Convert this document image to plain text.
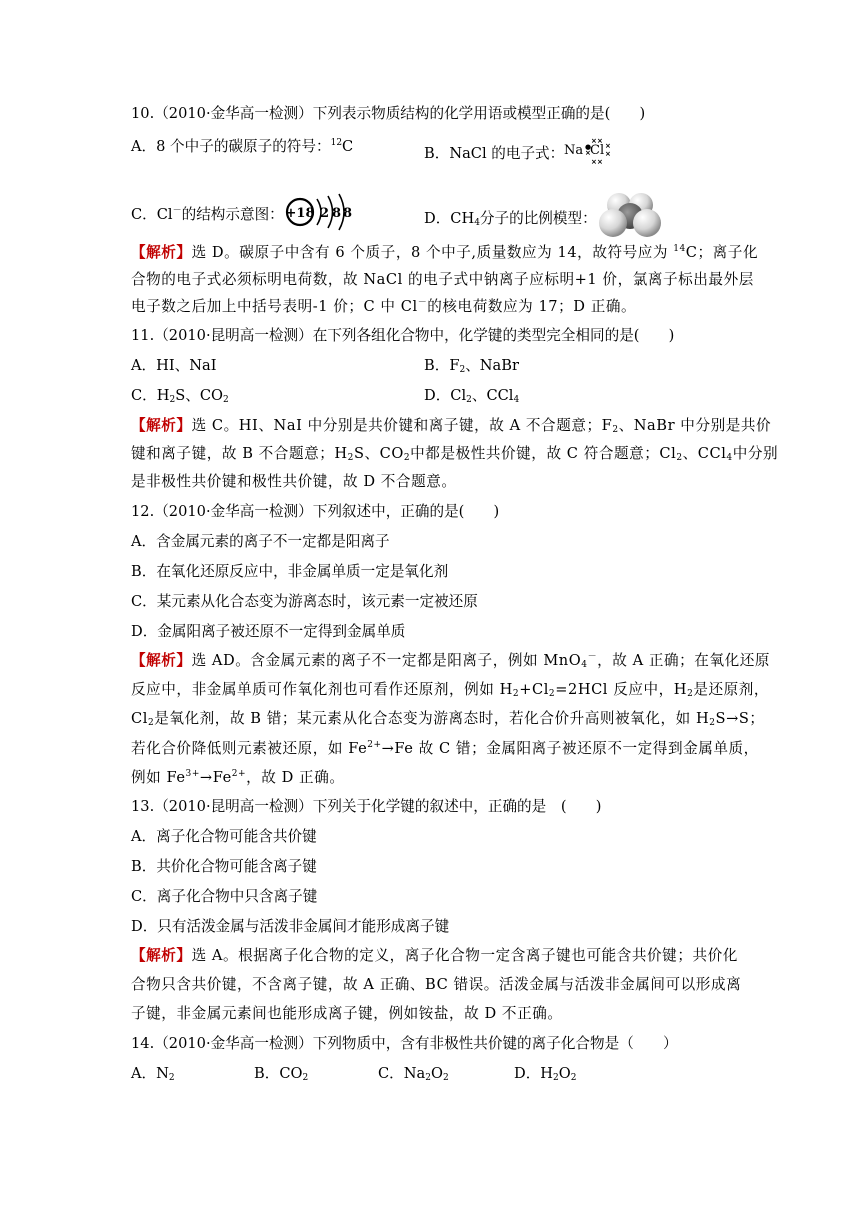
10.（2010·金华高一检测）下列表示物质结构的化学用语或模型正确的是(　　)
A．8 个中子的碳原子的符号：$^{12}$C	B．NaCl 的电子式： Na Cl
× ×
× ×
×
×
●
×
C．Cl－的结构示意图： +18 2 8 8	D．$CH_4$分子的比例模型：
【解析】选 D。碳原子中含有 6 个质子，8 个中子,质量数应为 14，故符号应为 $^{14}$C；离子化
合物的电子式必须标明电荷数，故 NaCl 的电子式中钠离子应标明+1 价，氯离子标出最外层
电子数之后加上中括号表明-1 价；C 中 Cl－的核电荷数应为 17；D 正确。
11.（2010·昆明高一检测）在下列各组化合物中，化学键的类型完全相同的是(　　)
A．HI、NaI	B．$F_2$、NaBr
C．$H_2S$、$CO_2$	D．$Cl_2$、CCl$_4$
【解析】选 C。HI、NaI 中分别是共价键和离子键，故 A 不合题意；$F_2$、NaBr 中分别是共价
键和离子键，故 B 不合题意；$H_2S$、$CO_2$中都是极性共价键，故 C 符合题意；$Cl_2$、CCl$_4$中分别
是非极性共价键和极性共价键，故 D 不合题意。
12.（2010·金华高一检测）下列叙述中，正确的是(　　)
A．含金属元素的离子不一定都是阳离子
B．在氧化还原反应中，非金属单质一定是氧化剂
C．某元素从化合态变为游离态时，该元素一定被还原
D．金属阳离子被还原不一定得到金属单质
【解析】选 AD。含金属元素的离子不一定都是阳离子，例如 MnO$_4$－，故 A 正确；在氧化还原
反应中，非金属单质可作氧化剂也可看作还原剂，例如 $H_2+Cl_2=2HCl$ 反应中，$H_2$是还原剂，
$Cl_2$是氧化剂，故 B 错；某元素从化合态变为游离态时，若化合价升高则被氧化，如 $H_2S\to S$；
若化合价降低则元素被还原，如 $Fe^{2+}\to Fe$ 故 C 错；金属阳离子被还原不一定得到金属单质，
例如 $Fe^{3+}\to Fe^{2+}$，故 D 正确。
13.（2010·昆明高一检测）下列关于化学键的叙述中，正确的是　(　　)
A．离子化合物可能含共价键
B．共价化合物可能含离子键
C．离子化合物中只含离子键
D．只有活泼金属与活泼非金属间才能形成离子键
【解析】选 A。根据离子化合物的定义，离子化合物一定含离子键也可能含共价键；共价化
合物只含共价键，不含离子键，故 A 正确、BC 错误。活泼金属与活泼非金属间可以形成离
子键，非金属元素间也能形成离子键，例如铵盐，故 D 不正确。
14.（2010·金华高一检测）下列物质中，含有非极性共价键的离子化合物是（　　）
A．$N_2$	B．$CO_2$	C．$Na_2O_2$	D．$H_2O_2$
